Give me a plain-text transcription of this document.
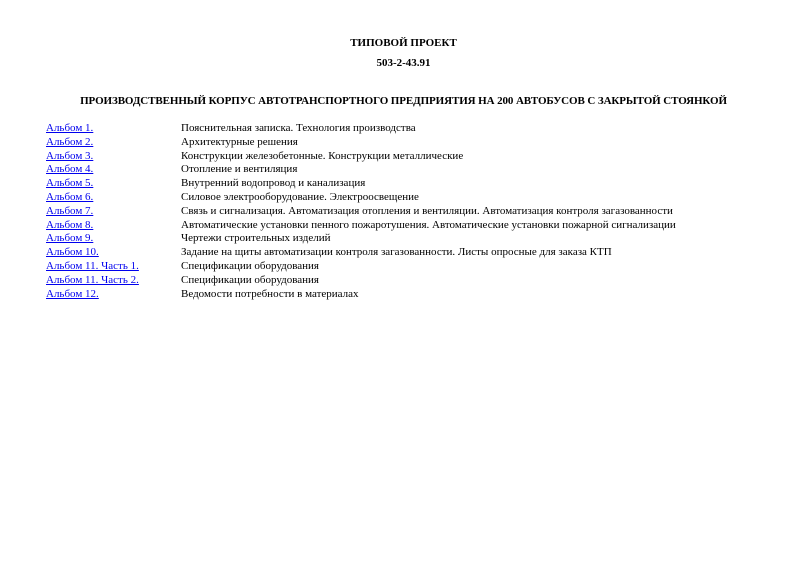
ТИПОВОЙ ПРОЕКТ
503-2-43.91
ПРОИЗВОДСТВЕННЫЙ КОРПУС АВТОТРАНСПОРТНОГО ПРЕДПРИЯТИЯ НА 200 АВТОБУСОВ С ЗАКРЫТОЙ СТОЯНКОЙ
Альбом 1.	Пояснительная записка. Технология производства
Альбом 2.	Архитектурные решения
Альбом 3.	Конструкции железобетонные. Конструкции металлические
Альбом 4.	Отопление и вентиляция
Альбом 5.	Внутренний водопровод и канализация
Альбом 6.	Силовое электрооборудование. Электроосвещение
Альбом 7.	Связь и сигнализация. Автоматизация отопления и вентиляции. Автоматизация контроля загазованности
Альбом 8.	Автоматические установки пенного пожаротушения. Автоматические установки пожарной сигнализации
Альбом 9.	Чертежи строительных изделий
Альбом 10.	Задание на щиты автоматизации контроля загазованности. Листы опросные для заказа КТП
Альбом 11. Часть 1.	Спецификации оборудования
Альбом 11. Часть 2.	Спецификации оборудования
Альбом 12.	Ведомости потребности в материалах
